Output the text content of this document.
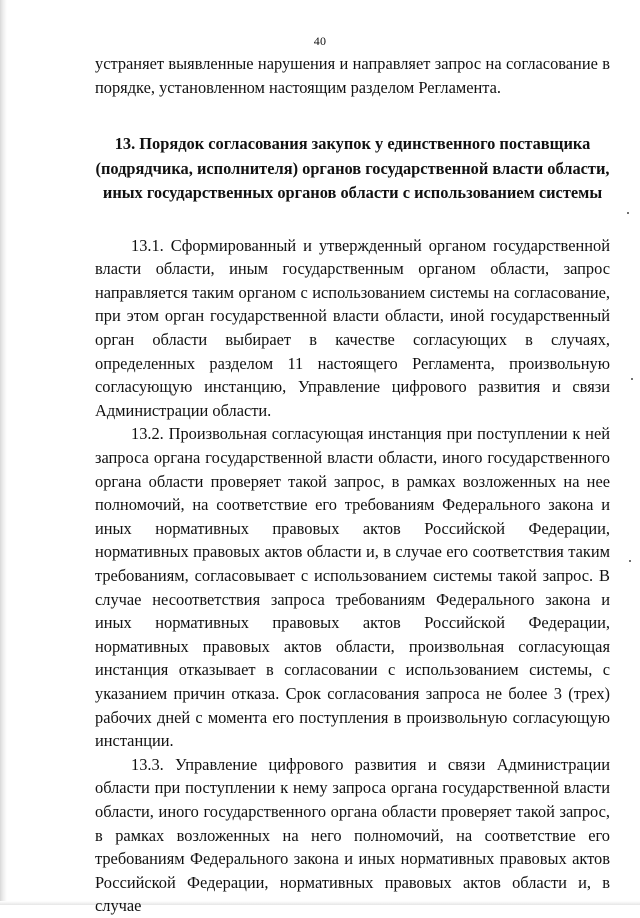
40

устраняет выявленные нарушения и направляет запрос на согласование в порядке, установленном настоящим разделом Регламента.

13. Порядок согласования закупок у единственного поставщика (подрядчика, исполнителя) органов государственной власти области, иных государственных органов области с использованием системы

13.1. Сформированный и утвержденный органом государственной власти области, иным государственным органом области, запрос направляется таким органом с использованием системы на согласование, при этом орган государственной власти области, иной государственный орган области выбирает в качестве согласующих в случаях, определенных разделом 11 настоящего Регламента, произвольную согласующую инстанцию, Управление цифрового развития и связи Администрации области.

13.2. Произвольная согласующая инстанция при поступлении к ней запроса органа государственной власти области, иного государственного органа области проверяет такой запрос, в рамках возложенных на нее полномочий, на соответствие его требованиям Федерального закона и иных нормативных правовых актов Российской Федерации, нормативных правовых актов области и, в случае его соответствия таким требованиям, согласовывает с использованием системы такой запрос. В случае несоответствия запроса требованиям Федерального закона и иных нормативных правовых актов Российской Федерации, нормативных правовых актов области, произвольная согласующая инстанция отказывает в согласовании с использованием системы, с указанием причин отказа. Срок согласования запроса не более 3 (трех) рабочих дней с момента его поступления в произвольную согласующую инстанции.

13.3. Управление цифрового развития и связи Администрации области при поступлении к нему запроса органа государственной власти области, иного государственного органа области проверяет такой запрос, в рамках возложенных на него полномочий, на соответствие его требованиям Федерального закона и иных нормативных правовых актов Российской Федерации, нормативных правовых актов области и, в случае
